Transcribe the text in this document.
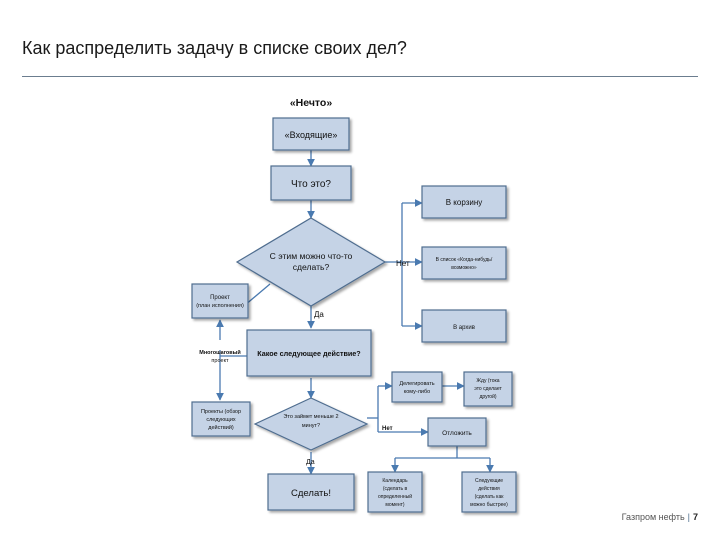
Как распределить задачу в списке своих дел?
«Нечто»
«Входящие»
Что это?
С этим можно что-то
сделать?	Нет
Да
В корзину
В список «Когда-нибудь/
возможно»
В архив
Проект
(план исполнения)
Многошаговый
проект
Какое следующее действие?
Проекты (обзор
следующих
действий)
Это займет меньше 2
минут?	Нет
Да
Делегировать
кому-либо
Жду (тока
это сделает
другой)
Отложить
Календарь
(сделать в
определенный
момент)
Следующие
действия
(сделать как
можно быстрее)
Сделать!
Газпром нефть | 7
